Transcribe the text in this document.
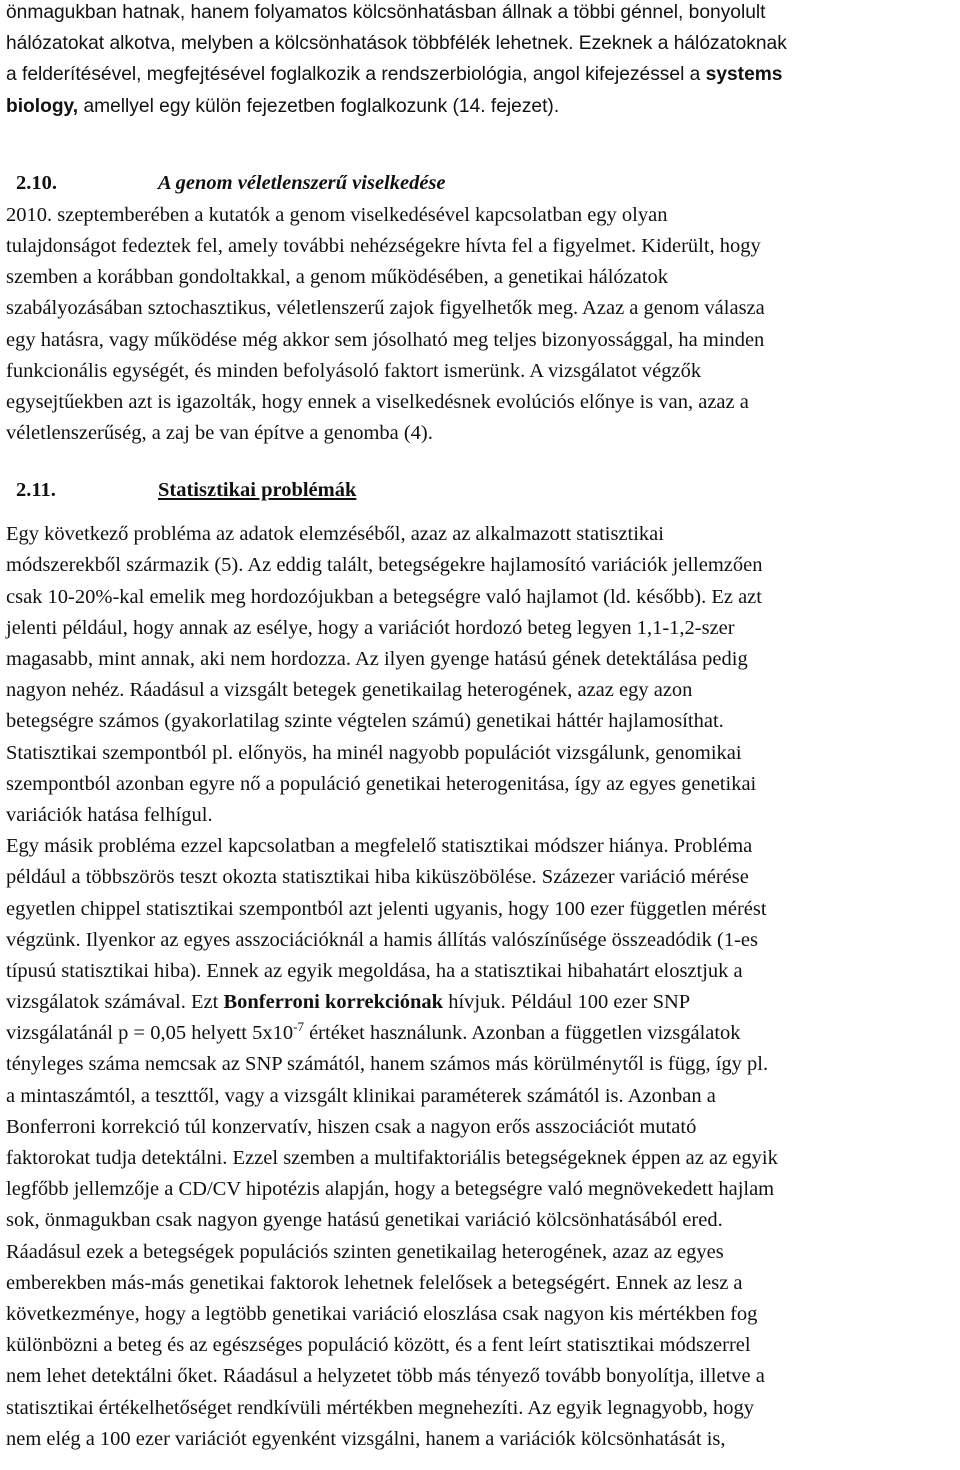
önmagukban hatnak, hanem folyamatos kölcsönhatásban állnak a többi génnel, bonyolult
hálózatokat alkotva, melyben a kölcsönhatások többfélék lehetnek. Ezeknek a hálózatoknak
a felderítésével, megfejtésével foglalkozik a rendszerbiológia, angol kifejezéssel a systems
biology, amellyel egy külön fejezetben foglalkozunk (14. fejezet).
2.10.	A genom véletlenszerű viselkedése
2010. szeptemberében a kutatók a genom viselkedésével kapcsolatban egy olyan
tulajdonságot fedeztek fel, amely további nehézségekre hívta fel a figyelmet. Kiderült, hogy
szemben a korábban gondoltakkal, a genom működésében, a genetikai hálózatok
szabályozásában sztochasztikus, véletlenszerű zajok figyelhetők meg. Azaz a genom válasza
egy hatásra, vagy működése még akkor sem jósolható meg teljes bizonyossággal, ha minden
funkcionális egységét, és minden befolyásoló faktort ismerünk. A vizsgálatot végzők
egysejtűekben azt is igazolták, hogy ennek a viselkedésnek evolúciós előnye is van, azaz a
véletlenszerűség, a zaj be van építve a genomba (4).
2.11.	Statisztikai problémák
Egy következő probléma az adatok elemzéséből, azaz az alkalmazott statisztikai
módszerekből származik (5). Az eddig talált, betegségekre hajlamosító variációk jellemzően
csak 10-20%-kal emelik meg hordozójukban a betegségre való hajlamot (ld. később). Ez azt
jelenti például, hogy annak az esélye, hogy a variációt hordozó beteg legyen 1,1-1,2-szer
magasabb, mint annak, aki nem hordozza. Az ilyen gyenge hatású gének detektálása pedig
nagyon nehéz. Ráadásul a vizsgált betegek genetikailag heterogének, azaz egy azon
betegségre számos (gyakorlatilag szinte végtelen számú) genetikai háttér hajlamosíthat.
Statisztikai szempontból pl. előnyös, ha minél nagyobb populációt vizsgálunk, genomikai
szempontból azonban egyre nő a populáció genetikai heterogenitása, így az egyes genetikai
variációk hatása felhígul.
Egy másik probléma ezzel kapcsolatban a megfelelő statisztikai módszer hiánya. Probléma
például a többszörös teszt okozta statisztikai hiba kiküszöbölése. Százezer variáció mérése
egyetlen chippel statisztikai szempontból azt jelenti ugyanis, hogy 100 ezer független mérést
végzünk. Ilyenkor az egyes asszociációknál a hamis állítás valószínűsége összeadódik (1-es
típusú statisztikai hiba). Ennek az egyik megoldása, ha a statisztikai hibahatárt elosztjuk a
vizsgálatok számával. Ezt Bonferroni korrekciónak hívjuk. Például 100 ezer SNP
vizsgálatánál p = 0,05 helyett $5x10^{-7}$ értéket használunk. Azonban a független vizsgálatok
tényleges száma nemcsak az SNP számától, hanem számos más körülménytől is függ, így pl.
a mintaszámtól, a teszttől, vagy a vizsgált klinikai paraméterek számától is. Azonban a
Bonferroni korrekció túl konzervatív, hiszen csak a nagyon erős asszociációt mutató
faktorokat tudja detektálni. Ezzel szemben a multifaktoriális betegségeknek éppen az az egyik
legfőbb jellemzője a CD/CV hipotézis alapján, hogy a betegségre való megnövekedett hajlam
sok, önmagukban csak nagyon gyenge hatású genetikai variáció kölcsönhatásából ered.
Ráadásul ezek a betegségek populációs szinten genetikailag heterogének, azaz az egyes
emberekben más-más genetikai faktorok lehetnek felelősek a betegségért. Ennek az lesz a
következménye, hogy a legtöbb genetikai variáció eloszlása csak nagyon kis mértékben fog
különbözni a beteg és az egészséges populáció között, és a fent leírt statisztikai módszerrel
nem lehet detektálni őket. Ráadásul a helyzetet több más tényező tovább bonyolítja, illetve a
statisztikai értékelhetőséget rendkívüli mértékben megnehezíti. Az egyik legnagyobb, hogy
nem elég a 100 ezer variációt egyenként vizsgálni, hanem a variációk kölcsönhatását is,
